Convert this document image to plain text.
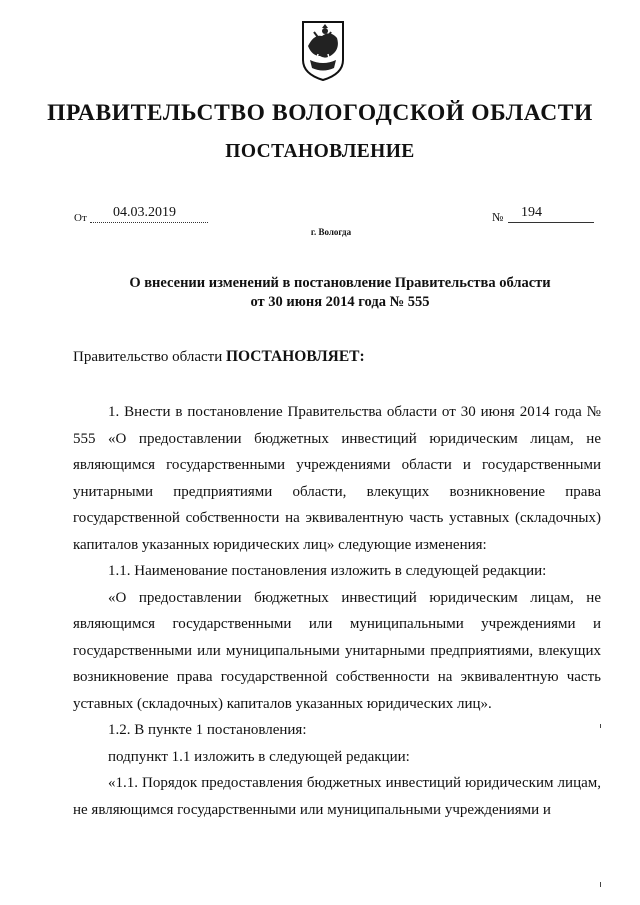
ПРАВИТЕЛЬСТВО ВОЛОГОДСКОЙ ОБЛАСТИ
ПОСТАНОВЛЕНИЕ
От 04.03.2019	№ 194
г. Вологда
О внесении изменений в постановление Правительства области
от 30 июня 2014 года № 555
Правительство области ПОСТАНОВЛЯЕТ:

1. Внести в постановление Правительства области от 30 июня 2014 года № 555 «О предоставлении бюджетных инвестиций юридическим лицам, не являющимся государственными учреждениями области и государственными унитарными предприятиями области, влекущих возникновение права государственной собственности на эквивалентную часть уставных (складочных) капиталов указанных юридических лиц» следующие изменения:

1.1. Наименование постановления изложить в следующей редакции:

«О предоставлении бюджетных инвестиций юридическим лицам, не являющимся государственными или муниципальными учреждениями и государственными или муниципальными унитарными предприятиями, влекущих возникновение права государственной собственности на эквивалентную часть уставных (складочных) капиталов указанных юридических лиц».

1.2. В пункте 1 постановления:

подпункт 1.1 изложить в следующей редакции:

«1.1. Порядок предоставления бюджетных инвестиций юридическим лицам, не являющимся государственными или муниципальными учреждениями и
